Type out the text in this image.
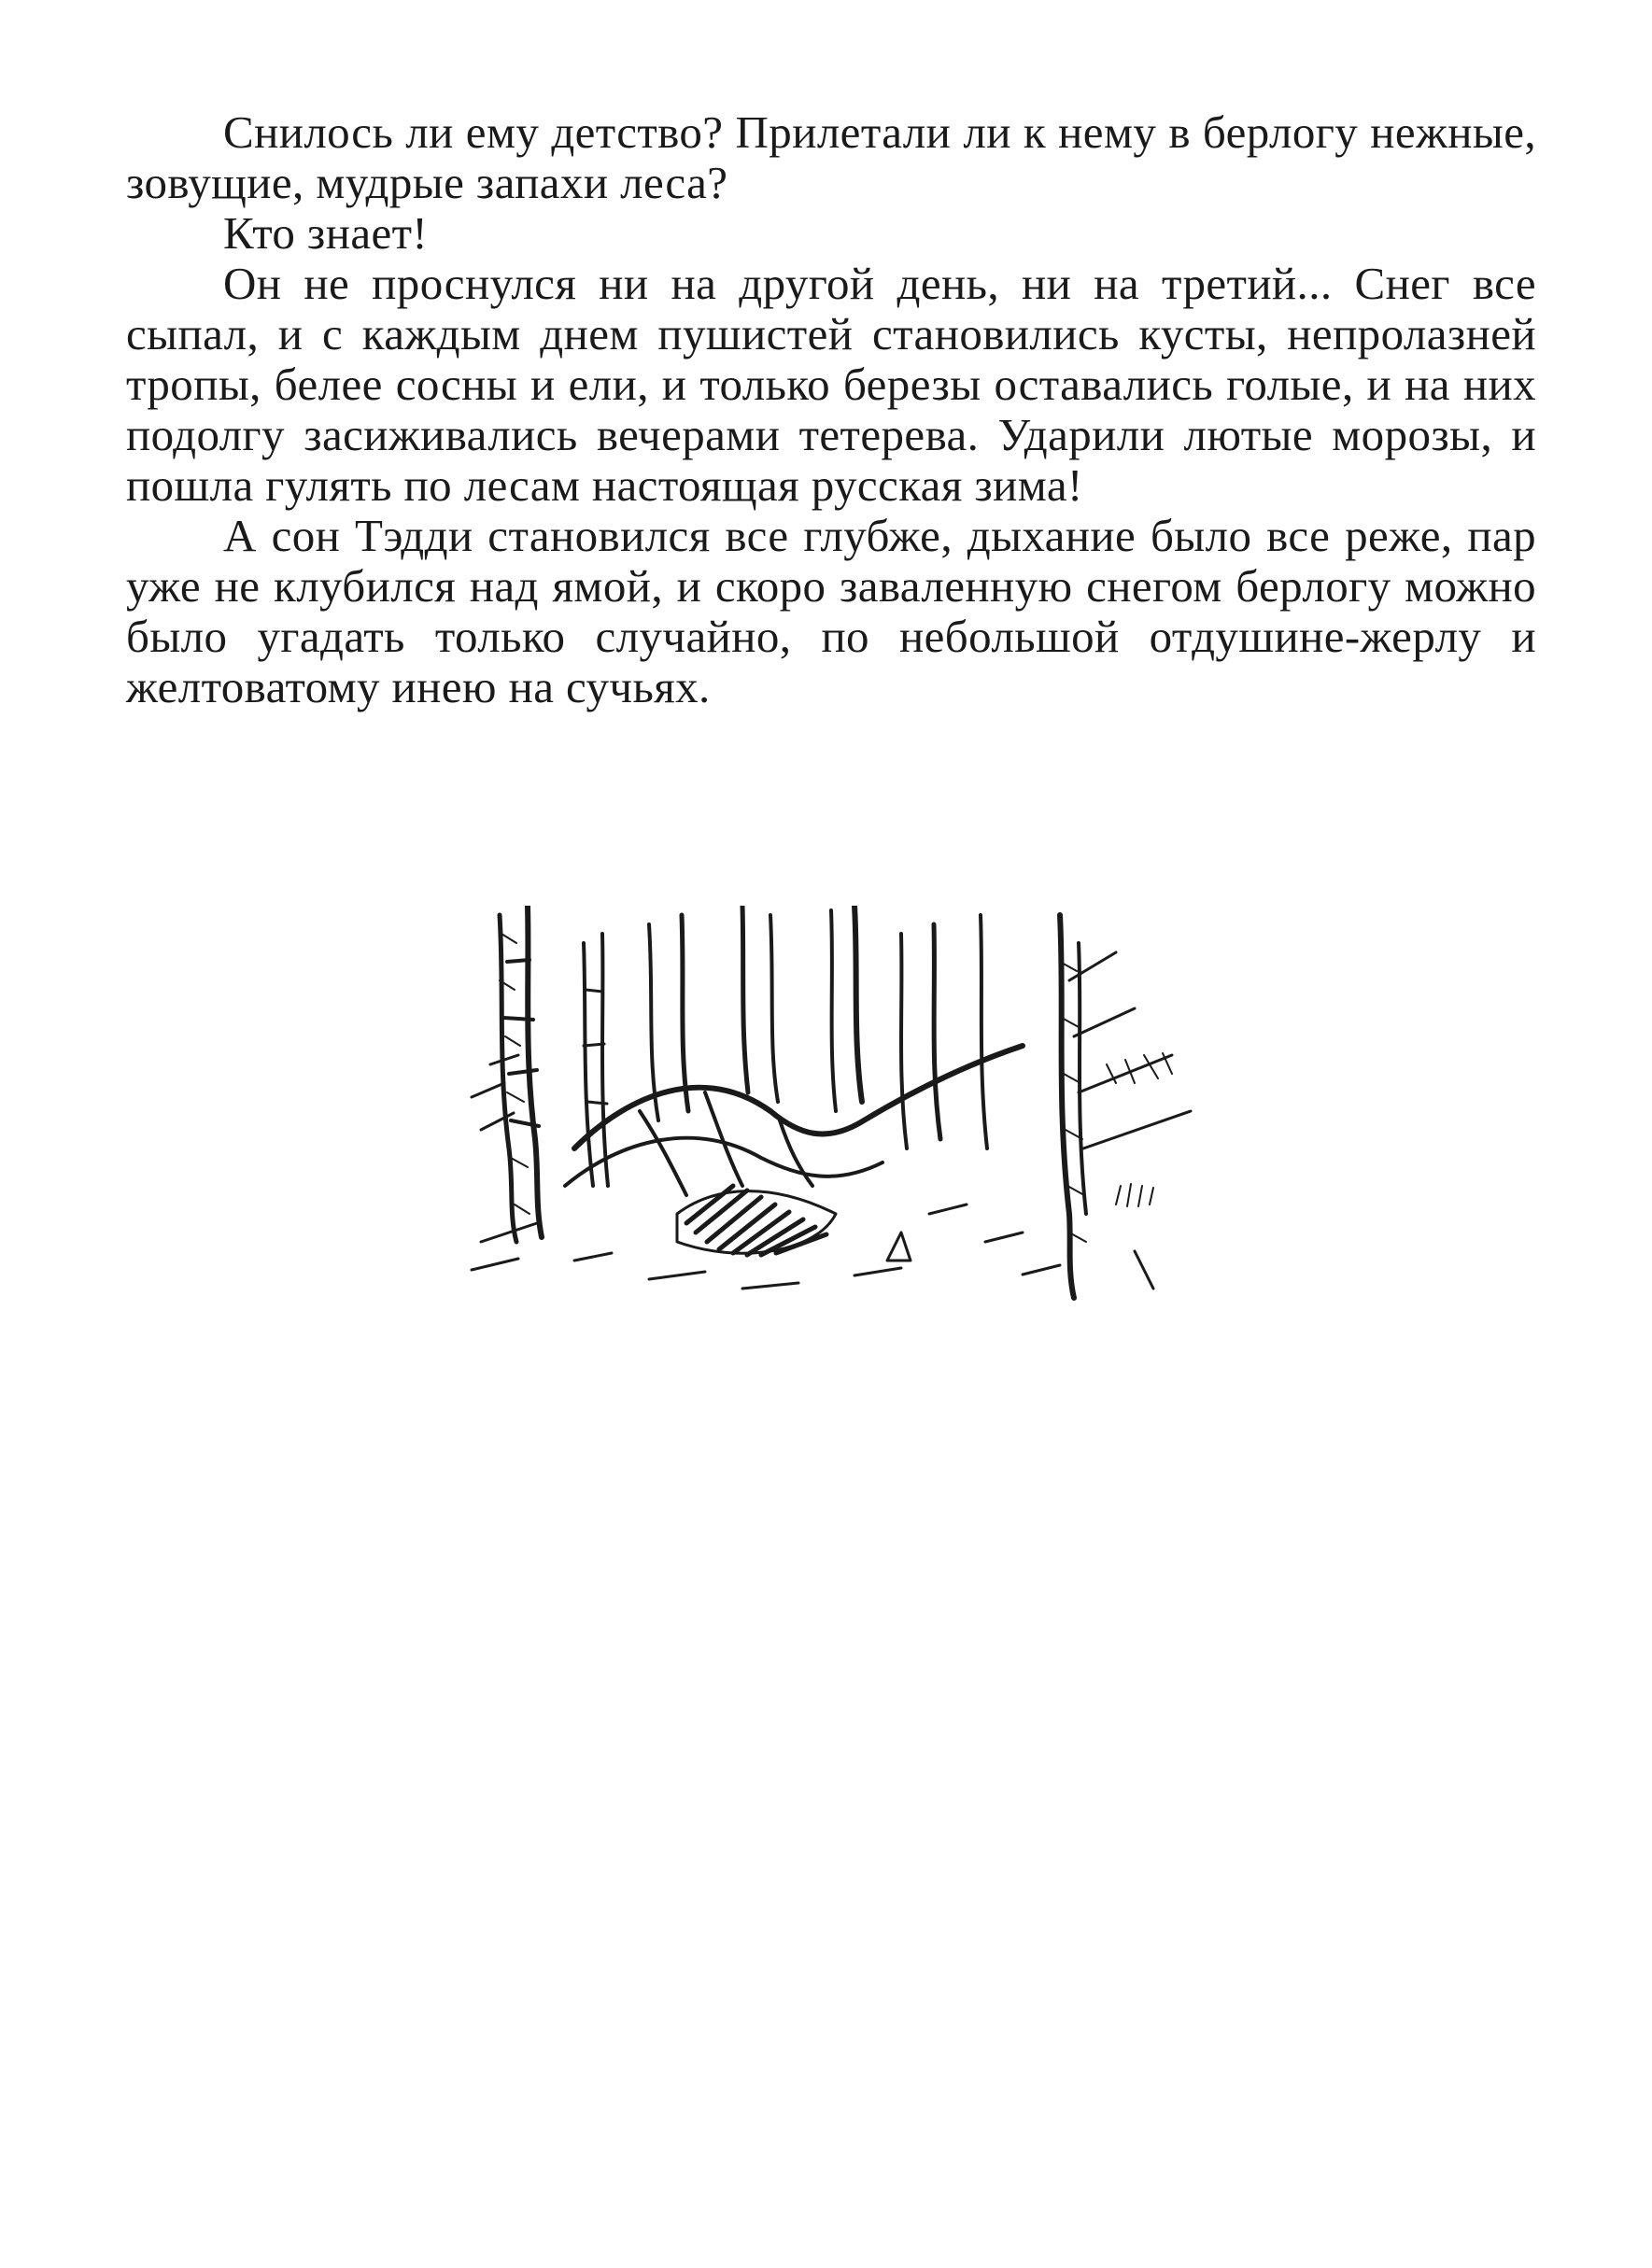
Снилось ли ему детство? Прилетали ли к нему в берлогу нежные, зовущие, мудрые запахи леса?

Кто знает!

Он не проснулся ни на другой день, ни на третий... Снег все сыпал, и с каждым днем пушистей становились кусты, непролазней тропы, белее сосны и ели, и только березы оставались голые, и на них подолгу засиживались вечерами тетерева. Ударили лютые морозы, и пошла гулять по лесам настоящая русская зима!

А сон Тэдди становился все глубже, дыхание было все реже, пар уже не клубился над ямой, и скоро заваленную снегом берлогу можно было угадать только случайно, по небольшой отдушине-жерлу и желтоватому инею на сучьях.
